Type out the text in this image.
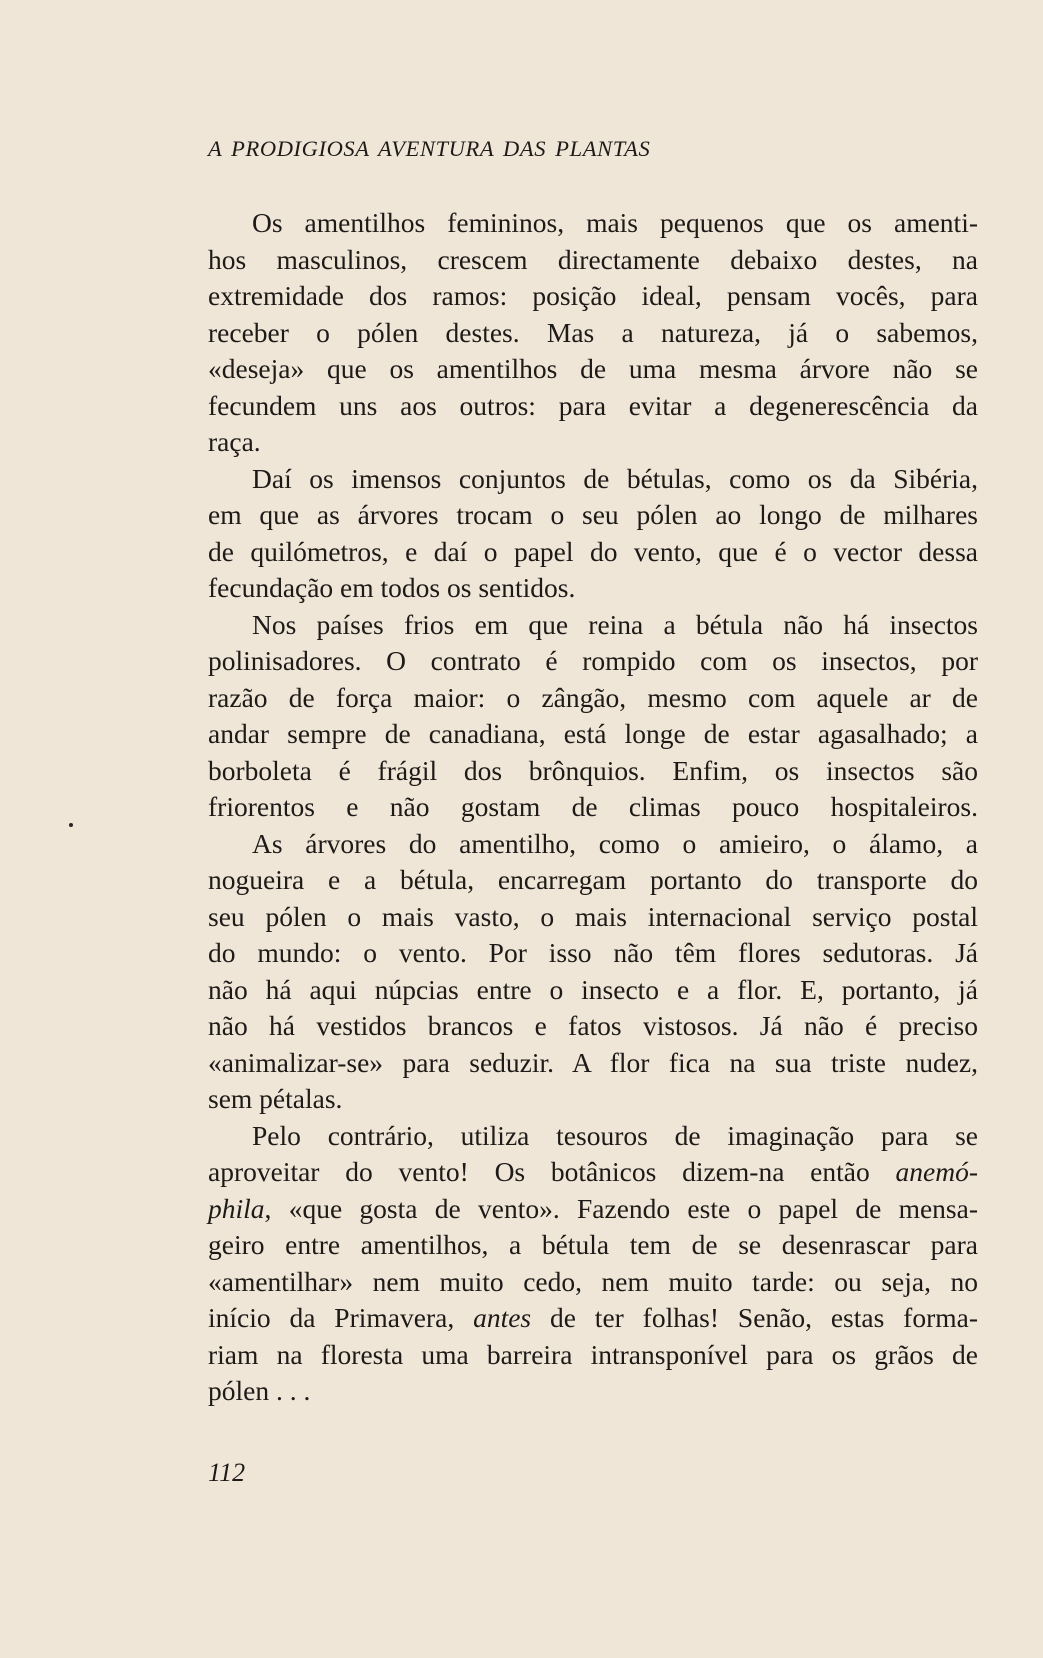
A PRODIGIOSA AVENTURA DAS PLANTAS
Os amentilhos femininos, mais pequenos que os amenti-
hos masculinos, crescem directamente debaixo destes, na
extremidade dos ramos: posição ideal, pensam vocês, para
receber o pólen destes. Mas a natureza, já o sabemos,
«deseja» que os amentilhos de uma mesma árvore não se
fecundem uns aos outros: para evitar a degenerescência da
raça.
Daí os imensos conjuntos de bétulas, como os da Sibéria,
em que as árvores trocam o seu pólen ao longo de milhares
de quilómetros, e daí o papel do vento, que é o vector dessa
fecundação em todos os sentidos.
Nos países frios em que reina a bétula não há insectos
polinisadores. O contrato é rompido com os insectos, por
razão de força maior: o zângão, mesmo com aquele ar de
andar sempre de canadiana, está longe de estar agasalhado; a
borboleta é frágil dos brônquios. Enfim, os insectos são
friorentos e não gostam de climas pouco hospitaleiros.
As árvores do amentilho, como o amieiro, o álamo, a
nogueira e a bétula, encarregam portanto do transporte do
seu pólen o mais vasto, o mais internacional serviço postal
do mundo: o vento. Por isso não têm flores sedutoras. Já
não há aqui núpcias entre o insecto e a flor. E, portanto, já
não há vestidos brancos e fatos vistosos. Já não é preciso
«animalizar-se» para seduzir. A flor fica na sua triste nudez,
sem pétalas.
Pelo contrário, utiliza tesouros de imaginação para se
aproveitar do vento! Os botânicos dizem-na então anemó-
phila, «que gosta de vento». Fazendo este o papel de mensa-
geiro entre amentilhos, a bétula tem de se desenrascar para
«amentilhar» nem muito cedo, nem muito tarde: ou seja, no
início da Primavera, antes de ter folhas! Senão, estas forma-
riam na floresta uma barreira intransponível para os grãos de
pólen . . .
112
